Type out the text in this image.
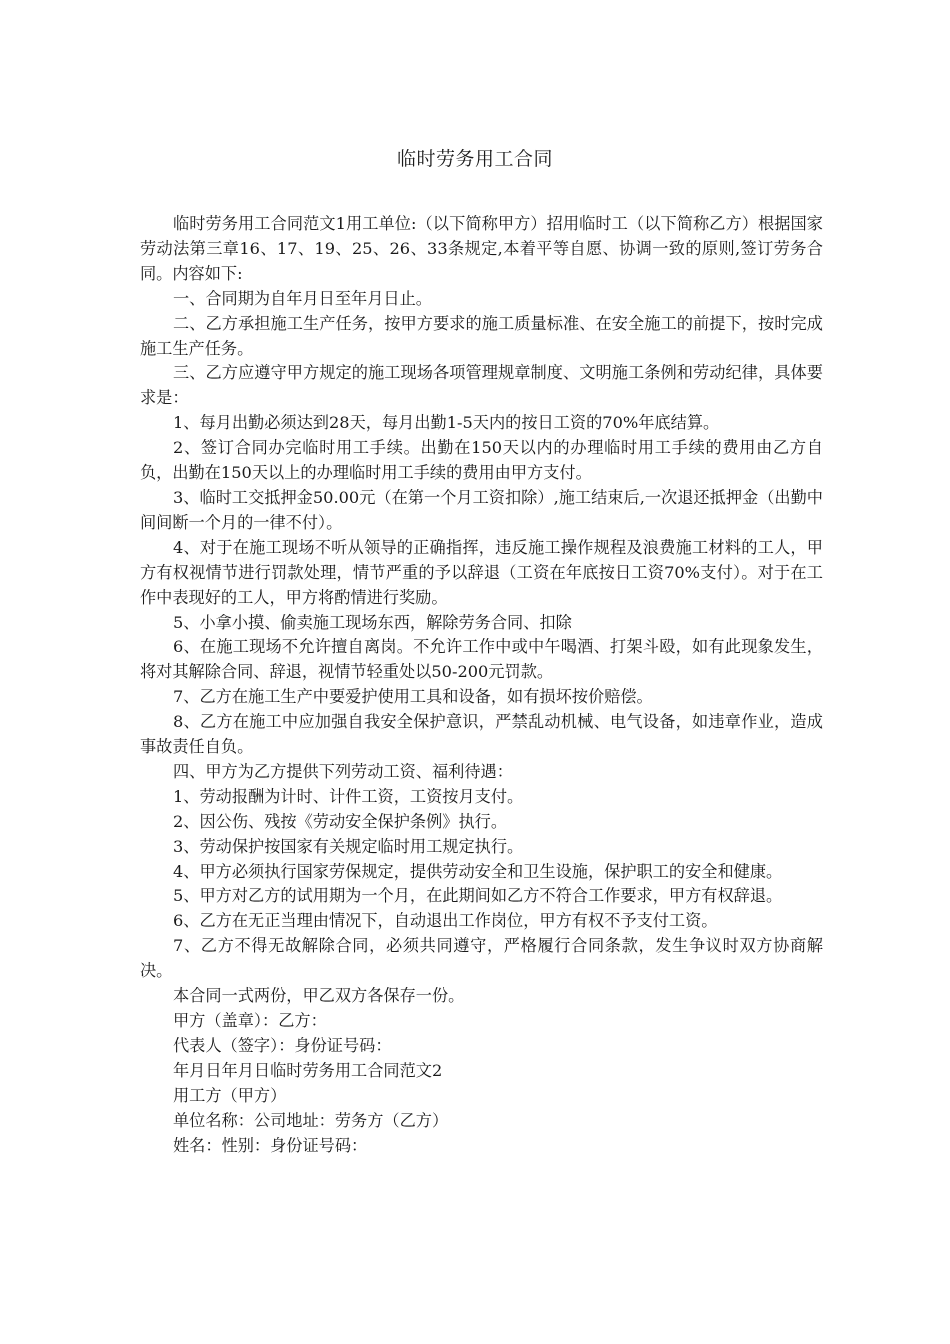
临时劳务用工合同

临时劳务用工合同范文1用工单位:（以下简称甲方）招用临时工（以下简称乙方）根据国家劳动法第三章16、17、19、25、26、33条规定,本着平等自愿、协调一致的原则,签订劳务合同。内容如下:

一、合同期为自年月日至年月日止。

二、乙方承担施工生产任务，按甲方要求的施工质量标准、在安全施工的前提下，按时完成施工生产任务。

三、乙方应遵守甲方规定的施工现场各项管理规章制度、文明施工条例和劳动纪律，具体要求是：

1、每月出勤必须达到28天，每月出勤1-5天内的按日工资的70%年底结算。

2、签订合同办完临时用工手续。出勤在150天以内的办理临时用工手续的费用由乙方自负，出勤在150天以上的办理临时用工手续的费用由甲方支付。

3、临时工交抵押金50.00元（在第一个月工资扣除）,施工结束后,一次退还抵押金（出勤中间间断一个月的一律不付）。

4、对于在施工现场不听从领导的正确指挥，违反施工操作规程及浪费施工材料的工人，甲方有权视情节进行罚款处理，情节严重的予以辞退（工资在年底按日工资70%支付）。对于在工作中表现好的工人，甲方将酌情进行奖励。

5、小拿小摸、偷卖施工现场东西，解除劳务合同、扣除

6、在施工现场不允许擅自离岗。不允许工作中或中午喝酒、打架斗殴，如有此现象发生，将对其解除合同、辞退，视情节轻重处以50-200元罚款。

7、乙方在施工生产中要爱护使用工具和设备，如有损坏按价赔偿。

8、乙方在施工中应加强自我安全保护意识，严禁乱动机械、电气设备，如违章作业，造成事故责任自负。

四、甲方为乙方提供下列劳动工资、福利待遇：

1、劳动报酬为计时、计件工资，工资按月支付。

2、因公伤、残按《劳动安全保护条例》执行。

3、劳动保护按国家有关规定临时用工规定执行。

4、甲方必须执行国家劳保规定，提供劳动安全和卫生设施，保护职工的安全和健康。

5、甲方对乙方的试用期为一个月，在此期间如乙方不符合工作要求，甲方有权辞退。

6、乙方在无正当理由情况下，自动退出工作岗位，甲方有权不予支付工资。

7、乙方不得无故解除合同，必须共同遵守，严格履行合同条款，发生争议时双方协商解决。

本合同一式两份，甲乙双方各保存一份。

甲方（盖章）：乙方：

代表人（签字）：身份证号码：

年月日年月日临时劳务用工合同范文2

用工方（甲方）

单位名称：公司地址：劳务方（乙方）

姓名：性别：身份证号码：
